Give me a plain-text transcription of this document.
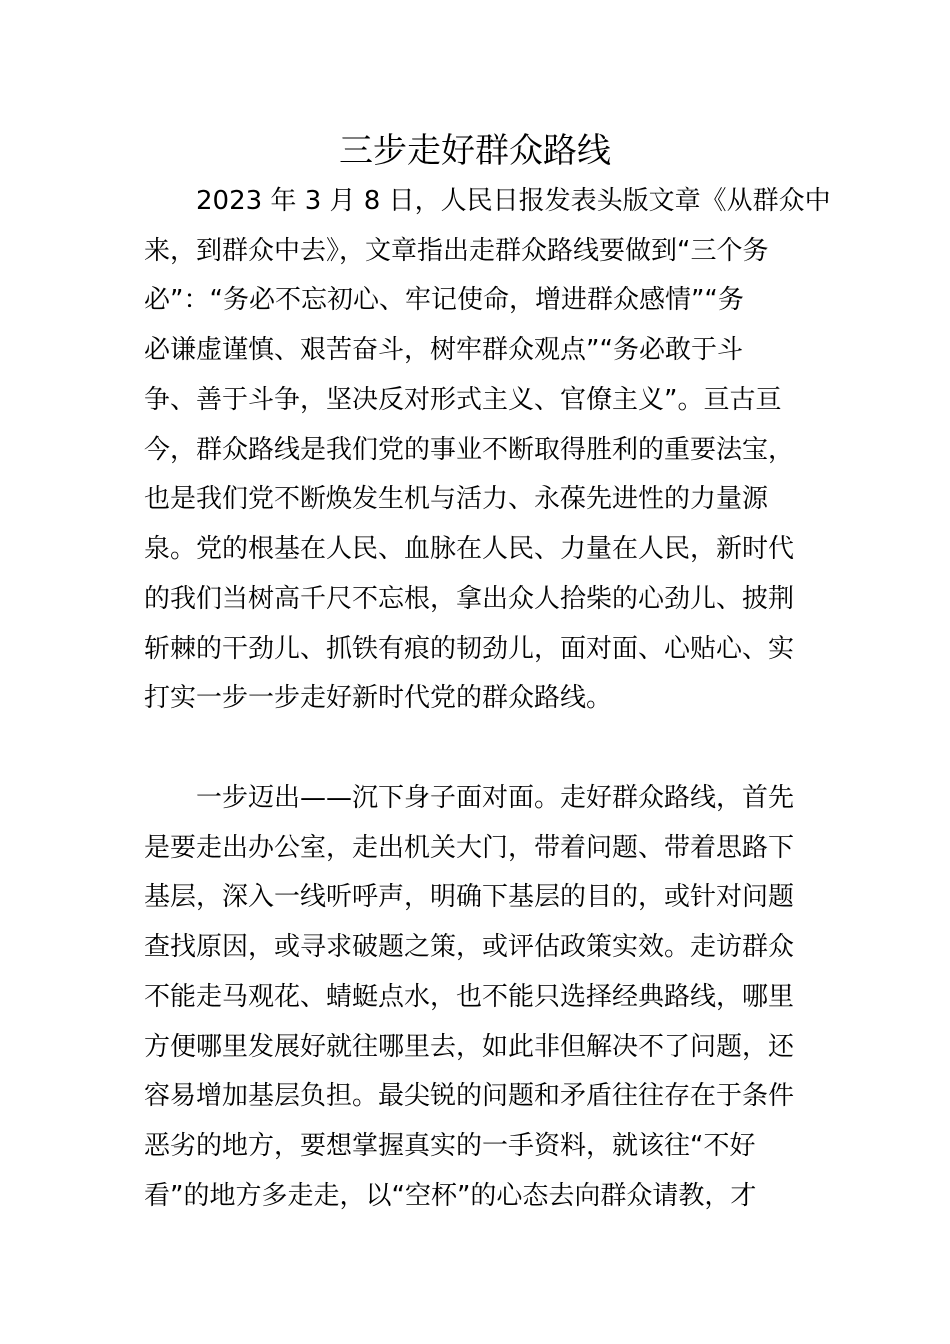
三步走好群众路线
2023 年 3 月 8 日，人民日报发表头版文章《从群众中
来，到群众中去》，文章指出走群众路线要做到“三个务
必”：“务必不忘初心、牢记使命，增进群众感情”“务
必谦虚谨慎、艰苦奋斗，树牢群众观点”“务必敢于斗
争、善于斗争，坚决反对形式主义、官僚主义”。亘古亘
今，群众路线是我们党的事业不断取得胜利的重要法宝，
也是我们党不断焕发生机与活力、永葆先进性的力量源
泉。党的根基在人民、血脉在人民、力量在人民，新时代
的我们当树高千尺不忘根，拿出众人拾柴的心劲儿、披荆
斩棘的干劲儿、抓铁有痕的韧劲儿，面对面、心贴心、实
打实一步一步走好新时代党的群众路线。
一步迈出——沉下身子面对面。走好群众路线，首先
是要走出办公室，走出机关大门，带着问题、带着思路下
基层，深入一线听呼声，明确下基层的目的，或针对问题
查找原因，或寻求破题之策，或评估政策实效。走访群众
不能走马观花、蜻蜓点水，也不能只选择经典路线，哪里
方便哪里发展好就往哪里去，如此非但解决不了问题，还
容易增加基层负担。最尖锐的问题和矛盾往往存在于条件
恶劣的地方，要想掌握真实的一手资料，就该往“不好
看”的地方多走走，以“空杯”的心态去向群众请教，才
